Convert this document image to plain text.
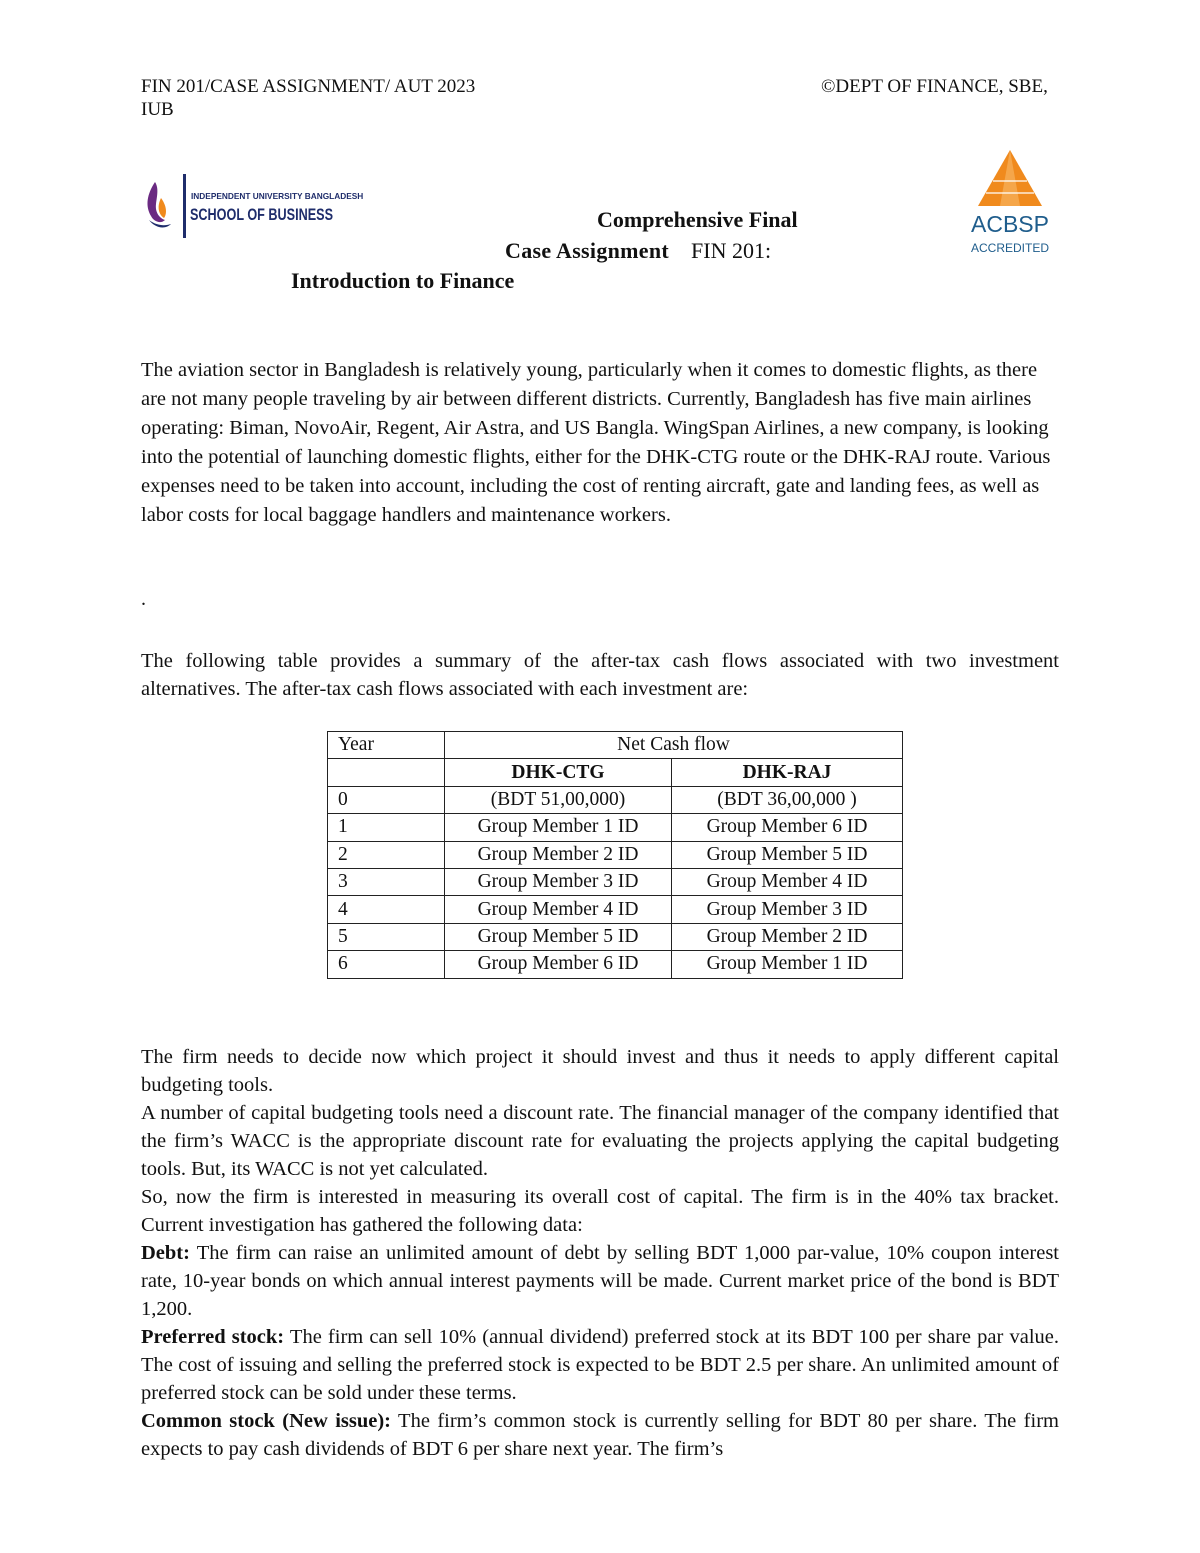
FIN 201/CASE ASSIGNMENT/ AUT 2023	©DEPT OF FINANCE, SBE,
IUB
INDEPENDENT UNIVERSITY BANGLADESH
SCHOOL OF BUSINESS	ACBSP
ACCREDITED
Comprehensive Final
Case Assignment FIN 201:
Introduction to Finance

The aviation sector in Bangladesh is relatively young, particularly when it comes to domestic flights, as there are not many people traveling by air between different districts. Currently, Bangladesh has five main airlines operating: Biman, NovoAir, Regent, Air Astra, and US Bangla. WingSpan Airlines, a new company, is looking into the potential of launching domestic flights, either for the DHK-CTG route or the DHK-RAJ route. Various expenses need to be taken into account, including the cost of renting aircraft, gate and landing fees, as well as labor costs for local baggage handlers and maintenance workers.

.

The following table provides a summary of the after-tax cash flows associated with two investment alternatives. The after-tax cash flows associated with each investment are:

Year	Net Cash flow	
	DHK-CTG	DHK-RAJ
0	(BDT 51,00,000)	(BDT 36,00,000 )
1	Group Member 1 ID	Group Member 6 ID
2	Group Member 2 ID	Group Member 5 ID
3	Group Member 3 ID	Group Member 4 ID
4	Group Member 4 ID	Group Member 3 ID
5	Group Member 5 ID	Group Member 2 ID
6	Group Member 6 ID	Group Member 1 ID
The firm needs to decide now which project it should invest and thus it needs to apply different capital budgeting tools.
A number of capital budgeting tools need a discount rate. The financial manager of the company identified that the firm’s WACC is the appropriate discount rate for evaluating the projects applying the capital budgeting tools. But, its WACC is not yet calculated.
So, now the firm is interested in measuring its overall cost of capital. The firm is in the 40% tax bracket. Current investigation has gathered the following data:
Debt: The firm can raise an unlimited amount of debt by selling BDT 1,000 par-value, 10% coupon interest rate, 10-year bonds on which annual interest payments will be made. Current market price of the bond is BDT 1,200.
Preferred stock: The firm can sell 10% (annual dividend) preferred stock at its BDT 100 per share par value. The cost of issuing and selling the preferred stock is expected to be BDT 2.5 per share. An unlimited amount of preferred stock can be sold under these terms.
Common stock (New issue): The firm’s common stock is currently selling for BDT 80 per share. The firm expects to pay cash dividends of BDT 6 per share next year. The firm’s
